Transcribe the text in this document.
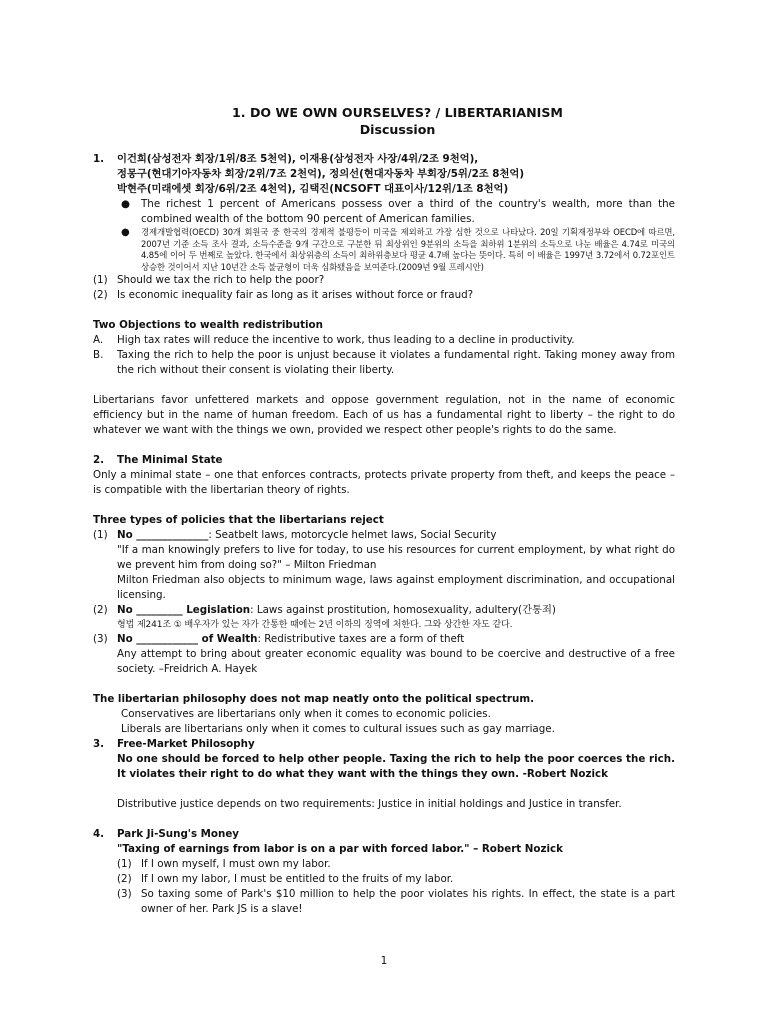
1. DO WE OWN OURSELVES? / LIBERTARIANISM
Discussion
1. 이건희(삼성전자 회장/1위/8조 5천억), 이재용(삼성전자 사장/4위/2조 9천억),
정몽구(현대기아자동차 회장/2위/7조 2천억), 정의선(현대자동차 부회장/5위/2조 8천억)
박현주(미래에셋 회장/6위/2조 4천억), 김택진(NCSOFT 대표이사/12위/1조 8천억)
● The richest 1 percent of Americans possess over a third of the country's wealth, more than the combined wealth of the bottom 90 percent of American families.
● 경제개발협력(OECD) 30개 회원국 중 한국의 경제적 불평등이 미국을 제외하고 가장 심한 것으로 나타났다. 20일 기획재정부와 OECD에 따르면, 2007년 기준 소득 조사 결과, 소득수준을 9개 구간으로 구분한 뒤 최상위인 9분위의 소득을 최하위 1분위의 소득으로 나눈 배율은 4.74로 미국의 4.85에 이어 두 번째로 높았다. 한국에서 최상위층의 소득이 최하위층보다 평균 4.7배 높다는 뜻이다. 특히 이 배율은 1997년 3.72에서 0.72포인트 상승한 것이어서 지난 10년간 소득 불균형이 더욱 심화됐음을 보여준다.(2009년 9월 프레시안)
(1) Should we tax the rich to help the poor?
(2) Is economic inequality fair as long as it arises without force or fraud?
Two Objections to wealth redistribution
A. High tax rates will reduce the incentive to work, thus leading to a decline in productivity.
B. Taxing the rich to help the poor is unjust because it violates a fundamental right. Taking money away from the rich without their consent is violating their liberty.
Libertarians favor unfettered markets and oppose government regulation, not in the name of economic efficiency but in the name of human freedom. Each of us has a fundamental right to liberty – the right to do whatever we want with the things we own, provided we respect other people's rights to do the same.
2. The Minimal State
Only a minimal state – one that enforces contracts, protects private property from theft, and keeps the peace – is compatible with the libertarian theory of rights.
Three types of policies that the libertarians reject
(1) No ______________: Seatbelt laws, motorcycle helmet laws, Social Security
"If a man knowingly prefers to live for today, to use his resources for current employment, by what right do we prevent him from doing so?" – Milton Friedman
Milton Friedman also objects to minimum wage, laws against employment discrimination, and occupational licensing.
(2) No _________ Legislation: Laws against prostitution, homosexuality, adultery(간통죄)
형법 제241조 ① 배우자가 있는 자가 간통한 때에는 2년 이하의 징역에 처한다. 그와 상간한 자도 같다.
(3) No ____________ of Wealth: Redistributive taxes are a form of theft
Any attempt to bring about greater economic equality was bound to be coercive and destructive of a free society. –Freidrich A. Hayek
The libertarian philosophy does not map neatly onto the political spectrum.
Conservatives are libertarians only when it comes to economic policies.
Liberals are libertarians only when it comes to cultural issues such as gay marriage.
3. Free-Market Philosophy
No one should be forced to help other people. Taxing the rich to help the poor coerces the rich. It violates their right to do what they want with the things they own. -Robert Nozick
Distributive justice depends on two requirements: Justice in initial holdings and Justice in transfer.
4. Park Ji-Sung's Money
"Taxing of earnings from labor is on a par with forced labor." – Robert Nozick
(1) If I own myself, I must own my labor.
(2) If I own my labor, I must be entitled to the fruits of my labor.
(3) So taxing some of Park's $10 million to help the poor violates his rights. In effect, the state is a part owner of her. Park JS is a slave!
1
